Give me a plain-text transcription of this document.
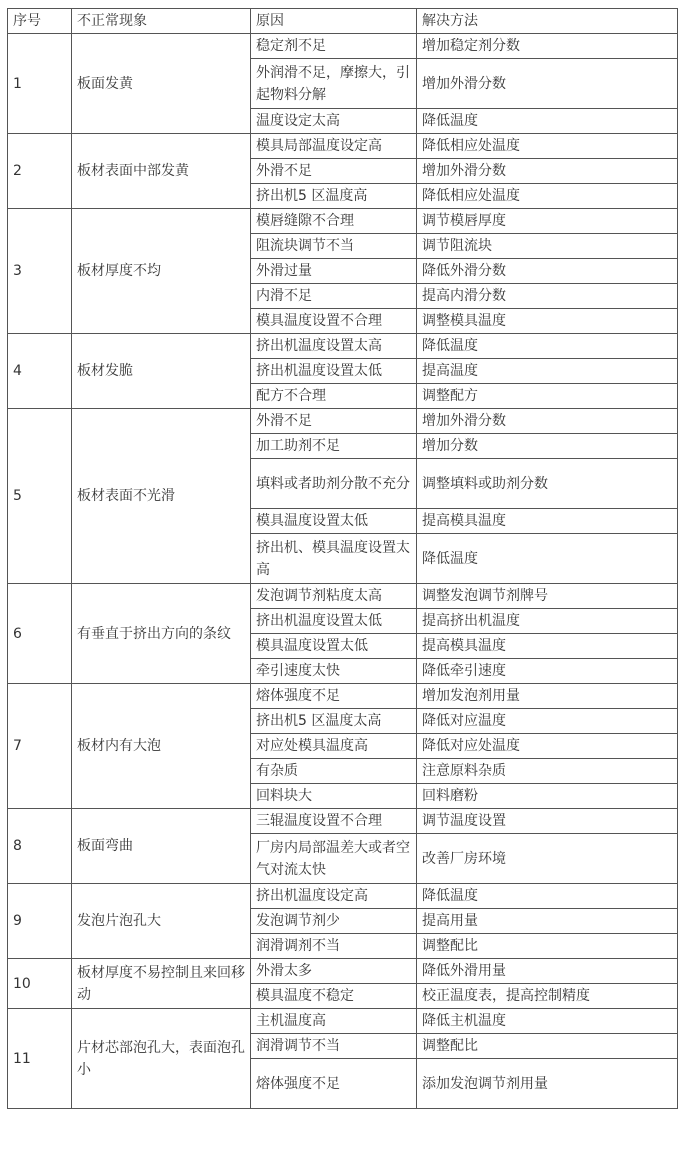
序号	不正常现象	原因	解决方法
1	板面发黄	稳定剂不足	增加稳定剂分数
		外润滑不足，摩擦大，引起物料分解	增加外滑分数
		温度设定太高	降低温度
2	板材表面中部发黄	模具局部温度设定高	降低相应处温度
		外滑不足	增加外滑分数
		挤出机5 区温度高	降低相应处温度
3	板材厚度不均	模唇缝隙不合理	调节模唇厚度
		阻流块调节不当	调节阻流块
		外滑过量	降低外滑分数
		内滑不足	提高内滑分数
		模具温度设置不合理	调整模具温度
4	板材发脆	挤出机温度设置太高	降低温度
		挤出机温度设置太低	提高温度
		配方不合理	调整配方
5	板材表面不光滑	外滑不足	增加外滑分数
		加工助剂不足	增加分数
		填料或者助剂分散不充分	调整填料或助剂分数
		模具温度设置太低	提高模具温度
		挤出机、模具温度设置太高	降低温度
6	有垂直于挤出方向的条纹	发泡调节剂粘度太高	调整发泡调节剂牌号
		挤出机温度设置太低	提高挤出机温度
		模具温度设置太低	提高模具温度
		牵引速度太快	降低牵引速度
7	板材内有大泡	熔体强度不足	增加发泡剂用量
		挤出机5 区温度太高	降低对应温度
		对应处模具温度高	降低对应处温度
		有杂质	注意原料杂质
		回料块大	回料磨粉
8	板面弯曲	三辊温度设置不合理	调节温度设置
		厂房内局部温差大或者空气对流太快	改善厂房环境
9	发泡片泡孔大	挤出机温度设定高	降低温度
		发泡调节剂少	提高用量
		润滑调剂不当	调整配比
10	板材厚度不易控制且来回移动	外滑太多	降低外滑用量
		模具温度不稳定	校正温度表，提高控制精度
11	片材芯部泡孔大，表面泡孔小	主机温度高	降低主机温度
		润滑调节不当	调整配比
		熔体强度不足	添加发泡调节剂用量
